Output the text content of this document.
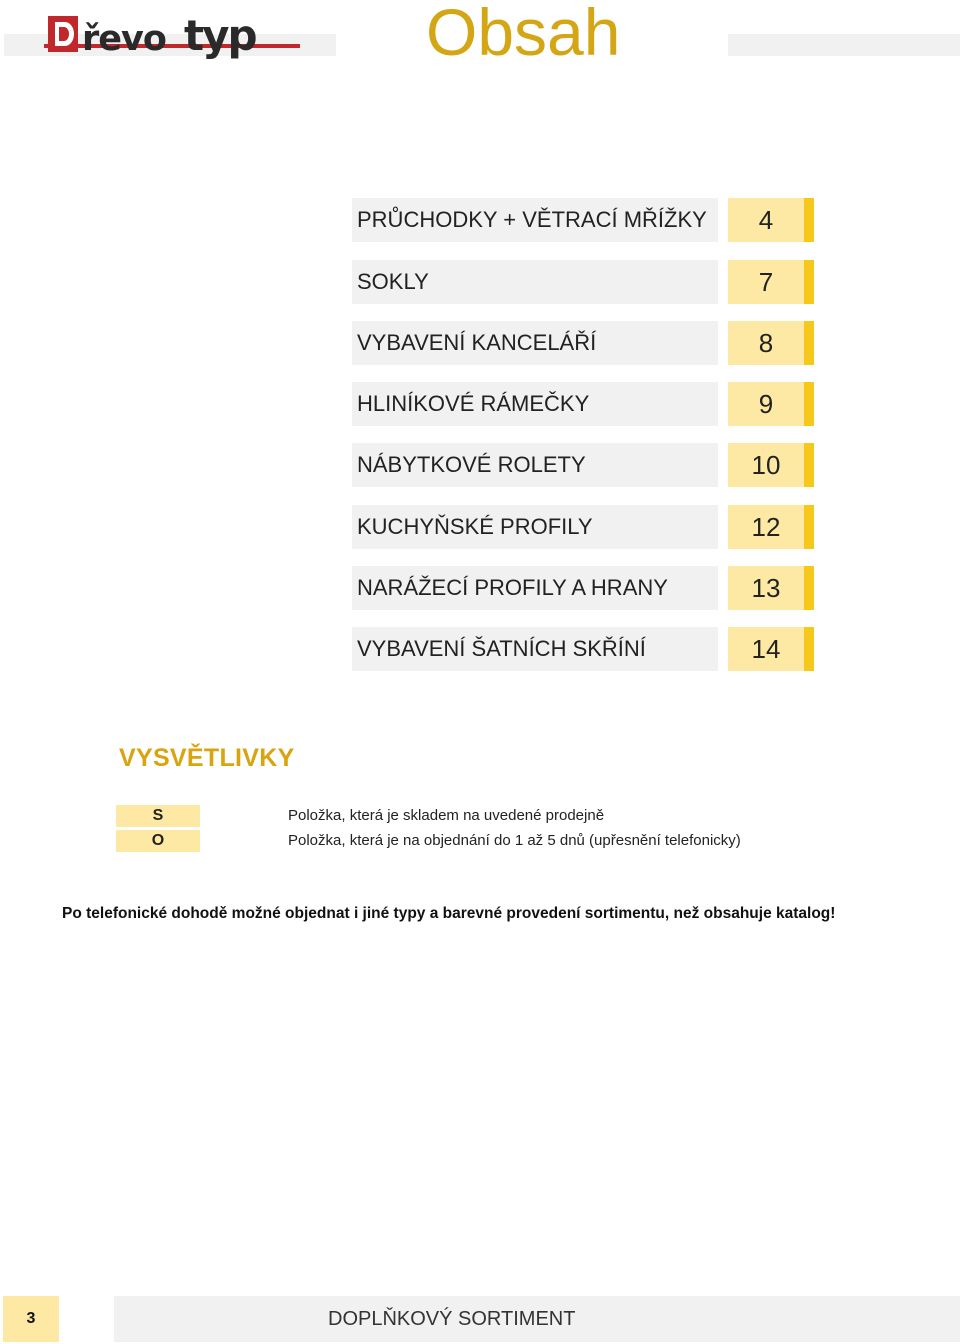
řevo typ	Obsah
PRŮCHODKY + VĚTRACÍ MŘÍŽKY	4
SOKLY	7
VYBAVENÍ KANCELÁŘÍ	8
HLINÍKOVÉ RÁMEČKY	9
NÁBYTKOVÉ ROLETY	10
KUCHYŇSKÉ PROFILY	12
NARÁŽECÍ PROFILY A HRANY	13
VYBAVENÍ ŠATNÍCH SKŘÍNÍ	14
VYSVĚTLIVKY
S	Položka, která je skladem na uvedené prodejně
O	Položka, která je na objednání do 1 až 5 dnů (upřesnění telefonicky)
Po telefonické dohodě možné objednat i jiné typy a barevné provedení sortimentu, než obsahuje katalog!
3	DOPLŇKOVÝ SORTIMENT
